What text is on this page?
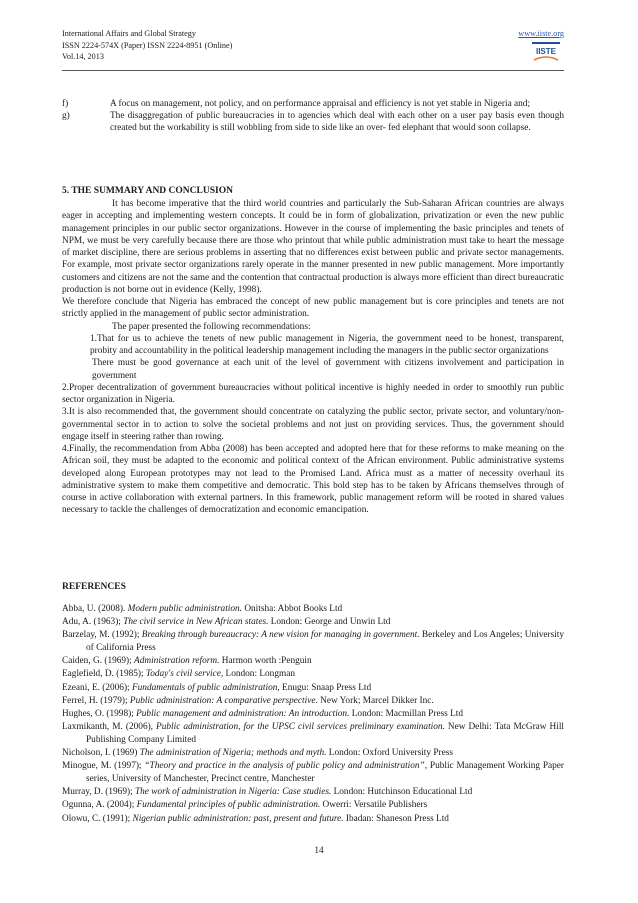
International Affairs and Global Strategy
ISSN 2224-574X (Paper) ISSN 2224-8951 (Online)
Vol.14, 2013
www.iiste.org
IISTE
f)	A focus on management, not policy, and on performance appraisal and efficiency is not yet stable in Nigeria and;
g)	The disaggregation of public bureaucracies in to agencies which deal with each other on a user pay basis even though created but the workability is still wobbling from side to side like an over- fed elephant that would soon collapse.
5. THE SUMMARY AND CONCLUSION

It has become imperative that the third world countries and particularly the Sub-Saharan African countries are always eager in accepting and implementing western concepts. It could be in form of globalization, privatization or even the new public management principles in our public sector organizations. However in the course of implementing the basic principles and tenets of NPM, we must be very carefully because there are those who printout that while public administration must take to heart the message of market discipline, there are serious problems in asserting that no differences exist between public and private sector managements. For example, most private sector organizations rarely operate in the manner presented in new public management. More importantly customers and citizens are not the same and the contention that contractual production is always more efficient than direct bureaucratic production is not borne out in evidence (Kelly, 1998).

We therefore conclude that Nigeria has embraced the concept of new public management but is core principles and tenets are not strictly applied in the management of public sector administration.

The paper presented the following recommendations:

1.That for us to achieve the tenets of new public management in Nigeria, the government need to be honest, transparent, probity and accountability in the political leadership management including the managers in the public sector organizations

There must be good governance at each unit of the level of government with citizens involvement and participation in government

2.Proper decentralization of government bureaucracies without political incentive is highly needed in order to smoothly run public sector organization in Nigeria.

3.It is also recommended that, the government should concentrate on catalyzing the public sector, private sector, and voluntary/non-governmental sector in to action to solve the societal problems and not just on providing services. Thus, the government should engage itself in steering rather than rowing.

4.Finally, the recommendation from Abba (2008) has been accepted and adopted here that for these reforms to make meaning on the African soil, they must be adapted to the economic and political context of the African environment. Public administrative systems developed along European prototypes may not lead to the Promised Land. Africa must as a matter of necessity overhaul its administrative system to make them competitive and democratic. This bold step has to be taken by Africans themselves through of course in active collaboration with external partners. In this framework, public management reform will be rooted in shared values necessary to tackle the challenges of democratization and economic emancipation.

REFERENCES

Abba, U. (2008). Modern public administration. Onitsha: Abbot Books Ltd

Adu, A. (1963); The civil service in New African states. London: George and Unwin Ltd

Barzelay, M. (1992); Breaking through bureaucracy: A new vision for managing in government. Berkeley and Los Angeles; University of California Press

Caiden, G. (1969); Administration reform. Harmon worth :Penguin

Eaglefield, D. (1985); Today's civil service, London: Longman

Ezeani, E. (2006); Fundamentals of public administration, Enugu: Snaap Press Ltd

Ferrel, H. (1979); Public administration: A comparative perspective. New York; Marcel Dikker Inc.

Hughes, O. (1998); Public management and administration: An introduction. London: Macmillan Press Ltd

Laxmikanth, M. (2006), Public administration, for the UPSC civil services preliminary examination. New Delhi: Tata McGraw Hill Publishing Company Limited

Nicholson, I. (1969) The administration of Nigeria; methods and myth. London: Oxford University Press

Minogue, M. (1997); “Theory and practice in the analysis of public policy and administration”, Public Management Working Paper series, University of Manchester, Precinct centre, Manchester

Murray, D. (1969); The work of administration in Nigeria: Case studies. London: Hutchinson Educational Ltd

Ogunna, A. (2004); Fundamental principles of public administration. Owerri: Versatile Publishers

Olowu, C. (1991); Nigerian public administration: past, present and future. Ibadan: Shaneson Press Ltd

14
